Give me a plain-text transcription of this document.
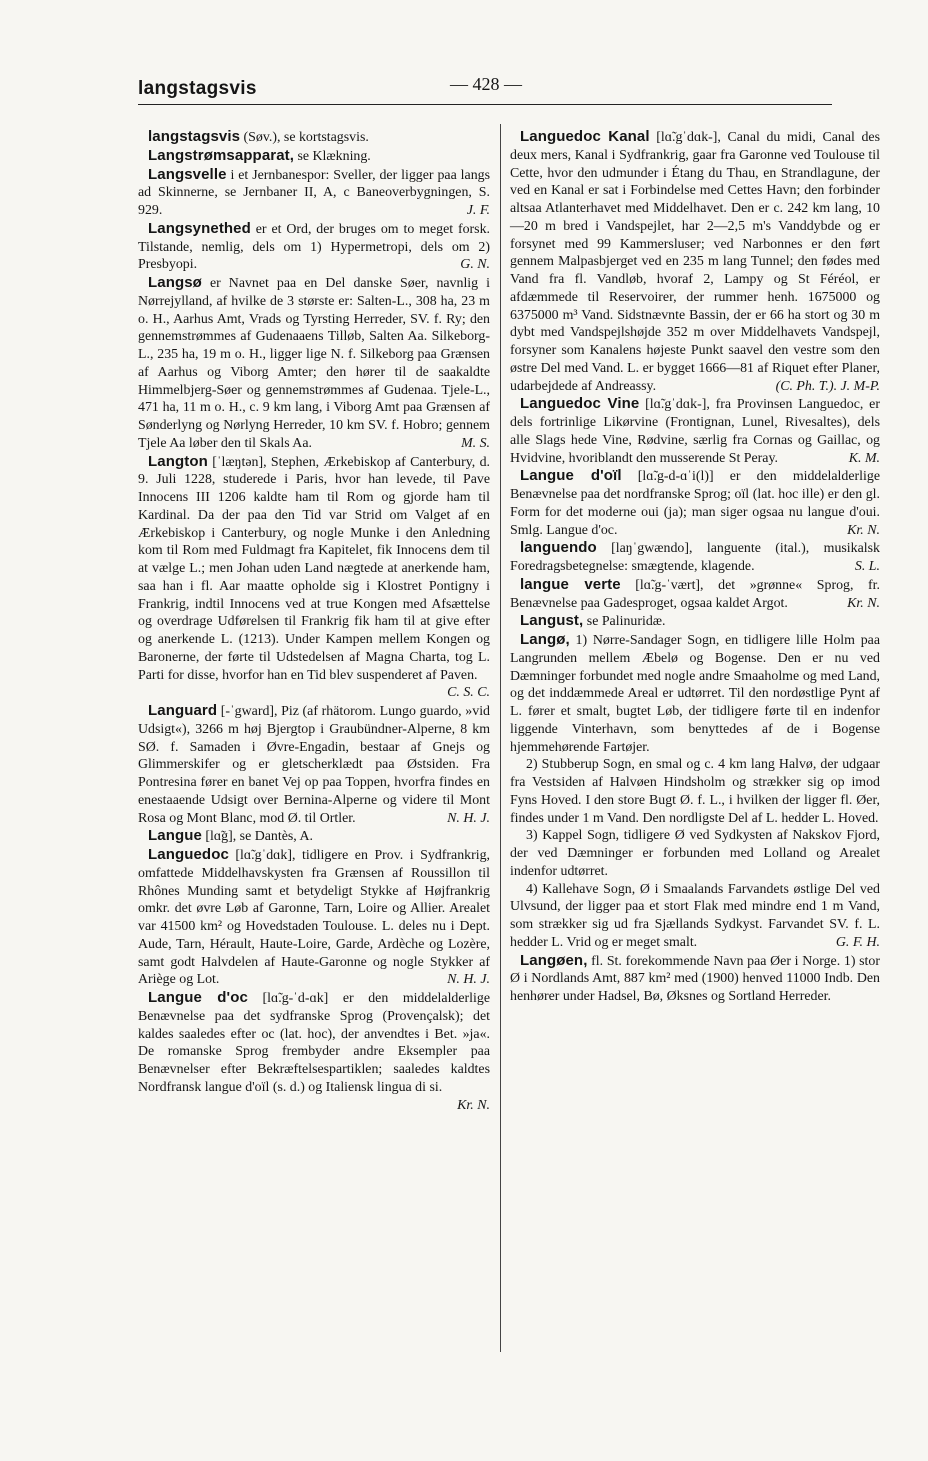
langstagsvis	— 428 —

langstagsvis (Søv.), se kortstagsvis.

Langstrømsapparat, se Klækning.

Langsvelle i et Jernbanespor: Sveller, der ligger paa langs ad Skinnerne, se Jernbaner II, A, c Baneoverbygningen, S. 929.	J. F.

Langsynethed er et Ord, der bruges om to meget forsk. Tilstande, nemlig, dels om 1) Hypermetropi, dels om 2) Presbyopi.	G. N.

Langsø er Navnet paa en Del danske Søer, navnlig i Nørrejylland, af hvilke de 3 største er: Salten-L., 308 ha, 23 m o. H., Aarhus Amt, Vrads og Tyrsting Herreder, SV. f. Ry; den gennemstrømmes af Gudenaaens Tilløb, Salten Aa. Silkeborg-L., 235 ha, 19 m o. H., ligger lige N. f. Silkeborg paa Grænsen af Aarhus og Viborg Amter; den hører til de saakaldte Himmelbjerg-Søer og gennemstrømmes af Gudenaa. Tjele-L., 471 ha, 11 m o. H., c. 9 km lang, i Viborg Amt paa Grænsen af Sønderlyng og Nørlyng Herreder, 10 km SV. f. Hobro; gennem Tjele Aa løber den til Skals Aa.	M. S.

Langton [ˈlæŋtən], Stephen, Ærkebiskop af Canterbury, d. 9. Juli 1228, studerede i Paris, hvor han levede, til Pave Innocens III 1206 kaldte ham til Rom og gjorde ham til Kardinal. Da der paa den Tid var Strid om Valget af en Ærkebiskop i Canterbury, og nogle Munke i den Anledning kom til Rom med Fuldmagt fra Kapitelet, fik Innocens dem til at vælge L.; men Johan uden Land nægtede at anerkende ham, saa han i fl. Aar maatte opholde sig i Klostret Pontigny i Frankrig, indtil Innocens ved at true Kongen med Afsættelse og overdrage Udførelsen til Frankrig fik ham til at give efter og anerkende L. (1213). Under Kampen mellem Kongen og Baronerne, der førte til Udstedelsen af Magna Charta, tog L. Parti for disse, hvorfor han en Tid blev suspenderet af Paven.
C. S. C.

Languard [-ˈgward], Piz (af rhätorom. Lungo guardo, »vid Udsigt«), 3266 m høj Bjergtop i Graubündner-Alperne, 8 km SØ. f. Samaden i Øvre-Engadin, bestaar af Gnejs og Glimmerskifer og er gletscherklædt paa Østsiden. Fra Pontresina fører en banet Vej op paa Toppen, hvorfra findes en enestaaende Udsigt over Bernina-Alperne og videre til Mont Rosa og Mont Blanc, mod Ø. til Ortler.	N. H. J.

Langue [lɑ̃g], se Dantès, A.

Languedoc [lɑ̃.gˈdɑk], tidligere en Prov. i Sydfrankrig, omfattede Middelhavskysten fra Grænsen af Roussillon til Rhônes Munding samt et betydeligt Stykke af Højfrankrig omkr. det øvre Løb af Garonne, Tarn, Loire og Allier. Arealet var 41500 km² og Hovedstaden Toulouse. L. deles nu i Dept. Aude, Tarn, Hérault, Haute-Loire, Garde, Ardèche og Lozère, samt godt Halvdelen af Haute-Garonne og nogle Stykker af Ariège og Lot.	N. H. J.

Langue d'oc [lɑ̃.g-ˈd-ɑk] er den middelalderlige Benævnelse paa det sydfranske Sprog (Provençalsk); det kaldes saaledes efter oc (lat. hoc), der anvendtes i Bet. »ja«. De romanske Sprog frembyder andre Eksempler paa Benævnelser efter Bekræftelsespartiklen; saaledes kaldtes Nordfransk langue d'oïl (s. d.) og Italiensk lingua di si.
Kr. N.

Languedoc Kanal [lɑ̃.gˈdɑk-], Canal du midi, Canal des deux mers, Kanal i Sydfrankrig, gaar fra Garonne ved Toulouse til Cette, hvor den udmunder i Étang du Thau, en Strandlagune, der ved en Kanal er sat i Forbindelse med Cettes Havn; den forbinder altsaa Atlanterhavet med Middelhavet. Den er c. 242 km lang, 10—20 m bred i Vandspejlet, har 2—2,5 m's Vanddybde og er forsynet med 99 Kammersluser; ved Narbonnes er den ført gennem Malpasbjerget ved en 235 m lang Tunnel; den fødes med Vand fra fl. Vandløb, hvoraf 2, Lampy og St Féréol, er afdæmmede til Reservoirer, der rummer henh. 1675000 og 6375000 m³ Vand. Sidstnævnte Bassin, der er 66 ha stort og 30 m dybt med Vandspejlshøjde 352 m over Middelhavets Vandspejl, forsyner som Kanalens højeste Punkt saavel den vestre som den østre Del med Vand. L. er bygget 1666—81 af Riquet efter Planer, udarbejdede af Andreassy.	(C. Ph. T.). J. M-P.

Languedoc Vine [lɑ̃.gˈdɑk-], fra Provinsen Languedoc, er dels fortrinlige Likørvine (Frontignan, Lunel, Rivesaltes), dels alle Slags hede Vine, Rødvine, særlig fra Cornas og Gaillac, og Hvidvine, hvoriblandt den musserende St Peray.	K. M.

Langue d'oïl [lɑ̃.g-d-ɑˈi(l)] er den middelalderlige Benævnelse paa det nordfranske Sprog; oïl (lat. hoc ille) er den gl. Form for det moderne oui (ja); man siger ogsaa nu langue d'oui. Smlg. Langue d'oc.	Kr. N.

languendo [laŋˈgwændo], languente (ital.), musikalsk Foredragsbetegnelse: smægtende, klagende.	S. L.

langue verte [lɑ̃.g-ˈvært], det »grønne« Sprog, fr. Benævnelse paa Gadesproget, ogsaa kaldet Argot.	Kr. N.

Langust, se Palinuridæ.

Langø, 1) Nørre-Sandager Sogn, en tidligere lille Holm paa Langrunden mellem Æbelø og Bogense. Den er nu ved Dæmninger forbundet med nogle andre Smaaholme og med Land, og det inddæmmede Areal er udtørret. Til den nordøstlige Pynt af L. fører et smalt, bugtet Løb, der tidligere førte til en indenfor liggende Vinterhavn, som benyttedes af de i Bogense hjemmehørende Fartøjer.

2) Stubberup Sogn, en smal og c. 4 km lang Halvø, der udgaar fra Vestsiden af Halvøen Hindsholm og strækker sig op imod Fyns Hoved. I den store Bugt Ø. f. L., i hvilken der ligger fl. Øer, findes under 1 m Vand. Den nordligste Del af L. hedder L. Hoved.

3) Kappel Sogn, tidligere Ø ved Sydkysten af Nakskov Fjord, der ved Dæmninger er forbunden med Lolland og Arealet indenfor udtørret.

4) Kallehave Sogn, Ø i Smaalands Farvandets østlige Del ved Ulvsund, der ligger paa et stort Flak med mindre end 1 m Vand, som strækker sig ud fra Sjællands Sydkyst. Farvandet SV. f. L. hedder L. Vrid og er meget smalt.	G. F. H.

Langøen, fl. St. forekommende Navn paa Øer i Norge. 1) stor Ø i Nordlands Amt, 887 km² med (1900) henved 11000 Indb. Den henhører under Hadsel, Bø, Øksnes og Sortland Herreder.
